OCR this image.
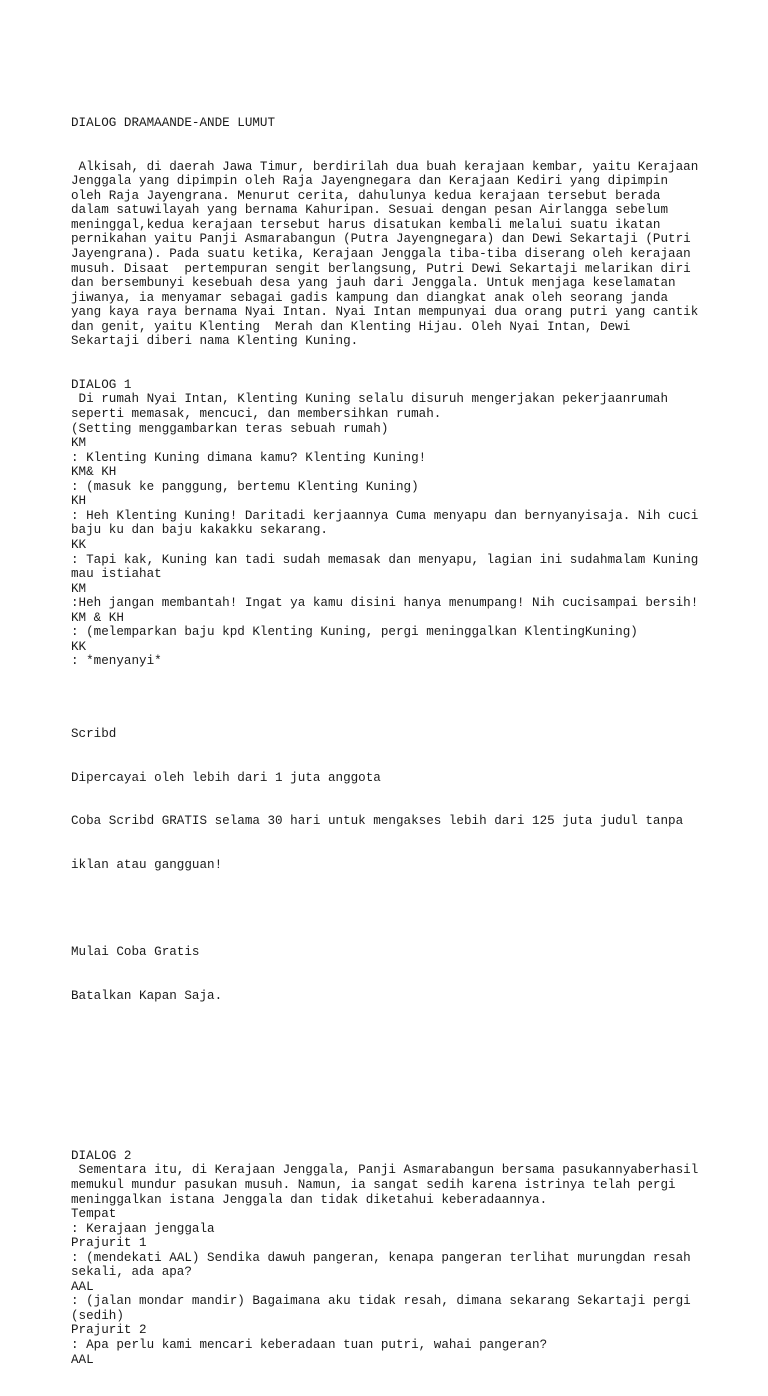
DIALOG DRAMAANDE-ANDE LUMUT

Alkisah, di daerah Jawa Timur, berdirilah dua buah kerajaan kembar, yaitu Kerajaan
Jenggala yang dipimpin oleh Raja Jayengnegara dan Kerajaan Kediri yang dipimpin
oleh Raja Jayengrana. Menurut cerita, dahulunya kedua kerajaan tersebut berada
dalam satuwilayah yang bernama Kahuripan. Sesuai dengan pesan Airlangga sebelum
meninggal,kedua kerajaan tersebut harus disatukan kembali melalui suatu ikatan
pernikahan yaitu Panji Asmarabangun (Putra Jayengnegara) dan Dewi Sekartaji (Putri
Jayengrana). Pada suatu ketika, Kerajaan Jenggala tiba-tiba diserang oleh kerajaan
musuh. Disaat  pertempuran sengit berlangsung, Putri Dewi Sekartaji melarikan diri
dan bersembunyi kesebuah desa yang jauh dari Jenggala. Untuk menjaga keselamatan
jiwanya, ia menyamar sebagai gadis kampung dan diangkat anak oleh seorang janda
yang kaya raya bernama Nyai Intan. Nyai Intan mempunyai dua orang putri yang cantik
dan genit, yaitu Klenting  Merah dan Klenting Hijau. Oleh Nyai Intan, Dewi
Sekartaji diberi nama Klenting Kuning.

DIALOG 1
Di rumah Nyai Intan, Klenting Kuning selalu disuruh mengerjakan pekerjaanrumah
seperti memasak, mencuci, dan membersihkan rumah.
(Setting menggambarkan teras sebuah rumah)
KM
: Klenting Kuning dimana kamu? Klenting Kuning!
KM& KH
: (masuk ke panggung, bertemu Klenting Kuning)
KH
: Heh Klenting Kuning! Daritadi kerjaannya Cuma menyapu dan bernyanyisaja. Nih cuci
baju ku dan baju kakakku sekarang.
KK
: Tapi kak, Kuning kan tadi sudah memasak dan menyapu, lagian ini sudahmalam Kuning
mau istiahat
KM
:Heh jangan membantah! Ingat ya kamu disini hanya menumpang! Nih cucisampai bersih!
KM & KH
: (melemparkan baju kpd Klenting Kuning, pergi meninggalkan KlentingKuning)
KK
: *menyanyi*

Scribd

Dipercayai oleh lebih dari 1 juta anggota

Coba Scribd GRATIS selama 30 hari untuk mengakses lebih dari 125 juta judul tanpa

iklan atau gangguan!

Mulai Coba Gratis

Batalkan Kapan Saja.

DIALOG 2
Sementara itu, di Kerajaan Jenggala, Panji Asmarabangun bersama pasukannyaberhasil
memukul mundur pasukan musuh. Namun, ia sangat sedih karena istrinya telah pergi
meninggalkan istana Jenggala dan tidak diketahui keberadaannya.
Tempat
: Kerajaan jenggala
Prajurit 1
: (mendekati AAL) Sendika dawuh pangeran, kenapa pangeran terlihat murungdan resah
sekali, ada apa?
AAL
: (jalan mondar mandir) Bagaimana aku tidak resah, dimana sekarang Sekartaji pergi
(sedih)
Prajurit 2
: Apa perlu kami mencari keberadaan tuan putri, wahai pangeran?
AAL
